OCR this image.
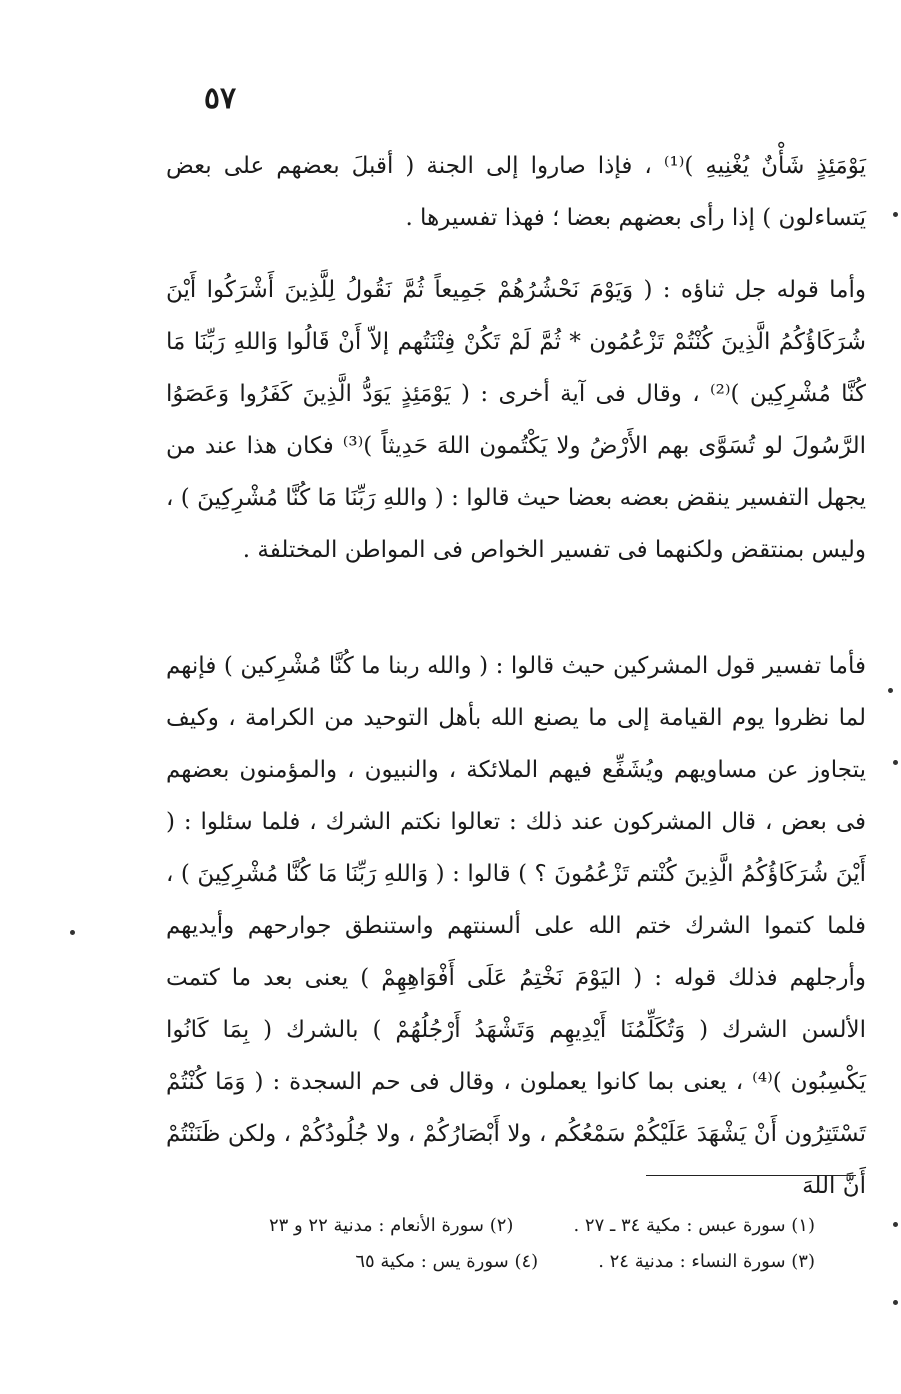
٥٧

يَوْمَئِذٍ شَأْنٌ يُغْنِيهِ )⁽¹⁾ ، فإذا صاروا إلى الجنة ( أقبلَ بعضهم على بعض يَتساءلون ) إذا رأى بعضهم بعضا ؛ فهذا تفسيرها .

وأما قوله جل ثناؤه : ( وَيَوْمَ نَحْشُرُهُمْ جَمِيعاً ثُمَّ نَقُولُ لِلَّذِينَ أَشْرَكُوا أَيْنَ شُرَكَاؤُكُمُ الَّذِينَ كُنْتُمْ تَزْعُمُون * ثُمَّ لَمْ تَكُنْ فِتْنَتُهم إلاّ أَنْ قَالُوا وَاللهِ رَبِّنَا مَا كُنَّا مُشْرِكِين )⁽²⁾ ، وقال فى آية أخرى : ( يَوْمَئِذٍ يَوَدُّ الَّذِينَ كَفَرُوا وَعَصَوُا الرَّسُولَ لو تُسَوَّى بهم الأَرْضُ ولا يَكْتُمون اللهَ حَدِيثاً )⁽³⁾ فكان هذا عند من يجهل التفسير ينقض بعضه بعضا حيث قالوا : ( واللهِ رَبِّنَا مَا كُنَّا مُشْرِكِينَ ) ، وليس بمنتقض ولكنهما فى تفسير الخواص فى المواطن المختلفة .

فأما تفسير قول المشركين حيث قالوا : ( والله ربنا ما كُنَّا مُشْرِكين ) فإنهم لما نظروا يوم القيامة إلى ما يصنع الله بأهل التوحيد من الكرامة ، وكيف يتجاوز عن مساويهم ويُشَفِّع فيهم الملائكة ، والنبيون ، والمؤمنون بعضهم فى بعض ، قال المشركون عند ذلك : تعالوا نكتم الشرك ، فلما سئلوا : ( أَيْنَ شُرَكَاؤُكُمُ الَّذِينَ كُنْتم تَزْعُمُونَ ؟ ) قالوا : ( وَاللهِ رَبِّنَا مَا كُنَّا مُشْرِكِينَ ) ، فلما كتموا الشرك ختم الله على ألسنتهم واستنطق جوارحهم وأيديهم وأرجلهم فذلك قوله : ( اليَوْمَ نَخْتِمُ عَلَى أَفْوَاهِهِمْ ) يعنى بعد ما كتمت الألسن الشرك ( وَتُكَلِّمُنَا أَيْدِيهِم وَتَشْهَدُ أَرْجُلُهُمْ ) بالشرك ( بِمَا كَانُوا يَكْسِبُون )⁽⁴⁾ ، يعنى بما كانوا يعملون ، وقال فى حم السجدة : ( وَمَا كُنْتُمْ تَسْتَتِرُون أَنْ يَشْهَدَ عَلَيْكُمْ سَمْعُكُم ، ولا أَبْصَارُكُمْ ، ولا جُلُودُكُمْ ، ولكن ظَنَنْتُمْ أَنَّ اللهَ

(١) سورة عبس : مكية ٣٤ ـ ٢٧ .
(٢) سورة الأنعام : مدنية ٢٢ و ٢٣
(٣) سورة النساء : مدنية ٢٤ .
(٤) سورة يس : مكية ٦٥
